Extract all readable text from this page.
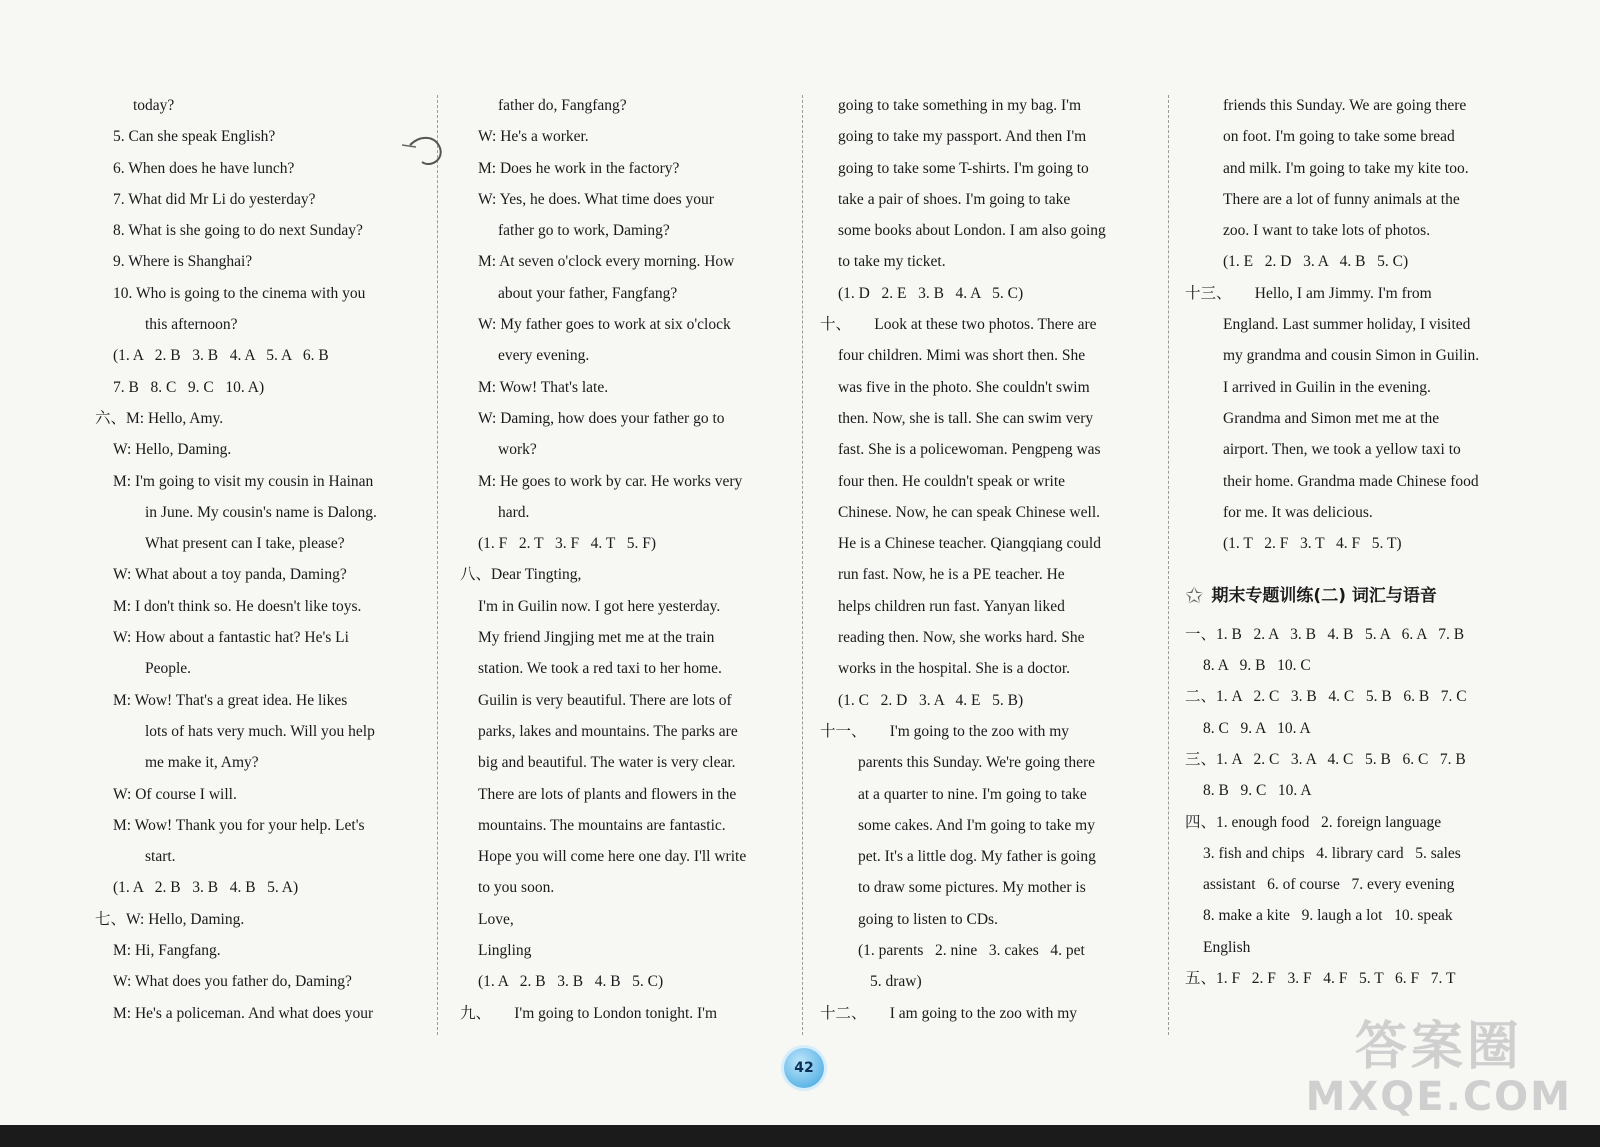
today?
5. Can she speak English?
6. When does he have lunch?
7. What did Mr Li do yesterday?
8. What is she going to do next Sunday?
9. Where is Shanghai?
10. Who is going to the cinema with you
this afternoon?
(1. A   2. B   3. B   4. A   5. A   6. B
7. B   8. C   9. C   10. A)
六、M: Hello, Amy.
W: Hello, Daming.
M: I'm going to visit my cousin in Hainan
in June. My cousin's name is Dalong.
What present can I take, please?
W: What about a toy panda, Daming?
M: I don't think so. He doesn't like toys.
W: How about a fantastic hat? He's Li
People.
M: Wow! That's a great idea. He likes
lots of hats very much. Will you help
me make it, Amy?
W: Of course I will.
M: Wow! Thank you for your help. Let's
start.
(1. A   2. B   3. B   4. B   5. A)
七、W: Hello, Daming.
M: Hi, Fangfang.
W: What does you father do, Daming?
M: He's a policeman. And what does your
father do, Fangfang?
W: He's a worker.
M: Does he work in the factory?
W: Yes, he does. What time does your
father go to work, Daming?
M: At seven o'clock every morning. How
about your father, Fangfang?
W: My father goes to work at six o'clock
every evening.
M: Wow! That's late.
W: Daming, how does your father go to
work?
M: He goes to work by car. He works very
hard.
(1. F   2. T   3. F   4. T   5. F)
八、Dear Tingting,
I'm in Guilin now. I got here yesterday.
My friend Jingjing met me at the train
station. We took a red taxi to her home.
Guilin is very beautiful. There are lots of
parks, lakes and mountains. The parks are
big and beautiful. The water is very clear.
There are lots of plants and flowers in the
mountains. The mountains are fantastic.
Hope you will come here one day. I'll write
to you soon.
Love,
Lingling
(1. A   2. B   3. B   4. B   5. C)
九、      I'm going to London tonight. I'm
going to take something in my bag. I'm
going to take my passport. And then I'm
going to take some T-shirts. I'm going to
take a pair of shoes. I'm going to take
some books about London. I am also going
to take my ticket.
(1. D   2. E   3. B   4. A   5. C)
十、      Look at these two photos. There are
four children. Mimi was short then. She
was five in the photo. She couldn't swim
then. Now, she is tall. She can swim very
fast. She is a policewoman. Pengpeng was
four then. He couldn't speak or write
Chinese. Now, he can speak Chinese well.
He is a Chinese teacher. Qiangqiang could
run fast. Now, he is a PE teacher. He
helps children run fast. Yanyan liked
reading then. Now, she works hard. She
works in the hospital. She is a doctor.
(1. C   2. D   3. A   4. E   5. B)
十一、      I'm going to the zoo with my
parents this Sunday. We're going there
at a quarter to nine. I'm going to take
some cakes. And I'm going to take my
pet. It's a little dog. My father is going
to draw some pictures. My mother is
going to listen to CDs.
(1. parents   2. nine   3. cakes   4. pet
5. draw)
十二、      I am going to the zoo with my
friends this Sunday. We are going there
on foot. I'm going to take some bread
and milk. I'm going to take my kite too.
There are a lot of funny animals at the
zoo. I want to take lots of photos.
(1. E   2. D   3. A   4. B   5. C)
十三、      Hello, I am Jimmy. I'm from
England. Last summer holiday, I visited
my grandma and cousin Simon in Guilin.
I arrived in Guilin in the evening.
Grandma and Simon met me at the
airport. Then, we took a yellow taxi to
their home. Grandma made Chinese food
for me. It was delicious.
(1. T   2. F   3. T   4. F   5. T)
✩ 期末专题训练(二) 词汇与语音
一、1. B   2. A   3. B   4. B   5. A   6. A   7. B
8. A   9. B   10. C
二、1. A   2. C   3. B   4. C   5. B   6. B   7. C
8. C   9. A   10. A
三、1. A   2. C   3. A   4. C   5. B   6. C   7. B
8. B   9. C   10. A
四、1. enough food   2. foreign language
3. fish and chips   4. library card   5. sales
assistant   6. of course   7. every evening
8. make a kite   9. laugh a lot   10. speak
English
五、1. F   2. F   3. F   4. F   5. T   6. F   7. T
42	答案圈
MXQE.COM
